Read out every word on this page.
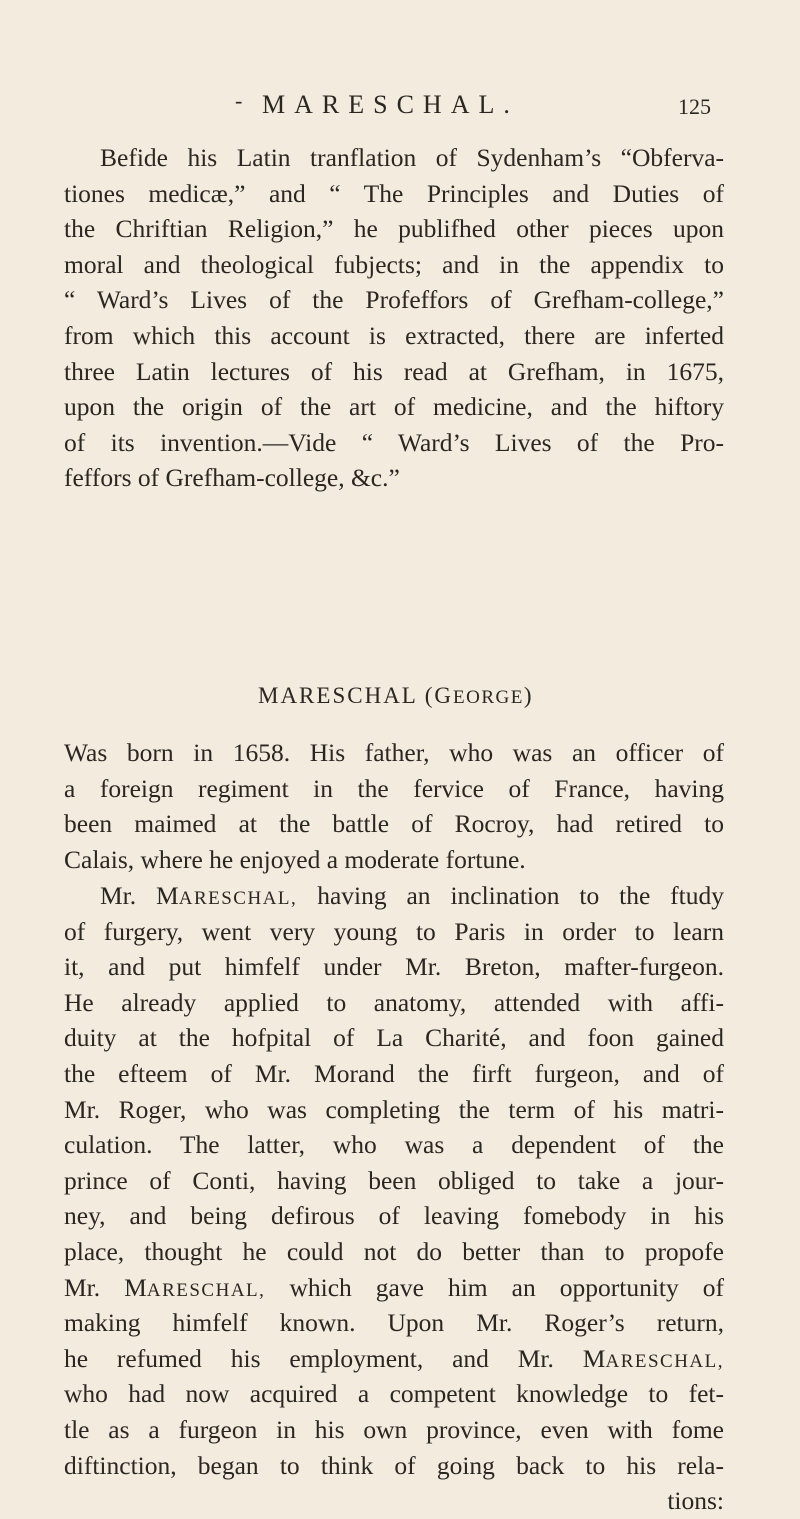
- MARESCHAL.	125
Befide his Latin tranflation of Sydenham’s “Obferva-
tiones medicæ,” and “ The Principles and Duties of
the Chriftian Religion,” he publifhed other pieces upon
moral and theological fubjects; and in the appendix to
“ Ward’s Lives of the Profeffors of Grefham-college,”
from which this account is extracted, there are inferted
three Latin lectures of his read at Grefham, in 1675,
upon the origin of the art of medicine, and the hiftory
of its invention.—Vide “ Ward’s Lives of the Pro-
feffors of Grefham-college, &c.”
MARESCHAL (GEORGE)
Was born in 1658. His father, who was an officer of
a foreign regiment in the fervice of France, having
been maimed at the battle of Rocroy, had retired to
Calais, where he enjoyed a moderate fortune.
Mr. MARESCHAL, having an inclination to the ftudy
of furgery, went very young to Paris in order to learn
it, and put himfelf under Mr. Breton, mafter-furgeon.
He already applied to anatomy, attended with affi-
duity at the hofpital of La Charité, and foon gained
the efteem of Mr. Morand the firft furgeon, and of
Mr. Roger, who was completing the term of his matri-
culation. The latter, who was a dependent of the
prince of Conti, having been obliged to take a jour-
ney, and being defirous of leaving fomebody in his
place, thought he could not do better than to propofe
Mr. MARESCHAL, which gave him an opportunity of
making himfelf known. Upon Mr. Roger’s return,
he refumed his employment, and Mr. MARESCHAL,
who had now acquired a competent knowledge to fet-
tle as a furgeon in his own province, even with fome
diftinction, began to think of going back to his rela-
tions:
